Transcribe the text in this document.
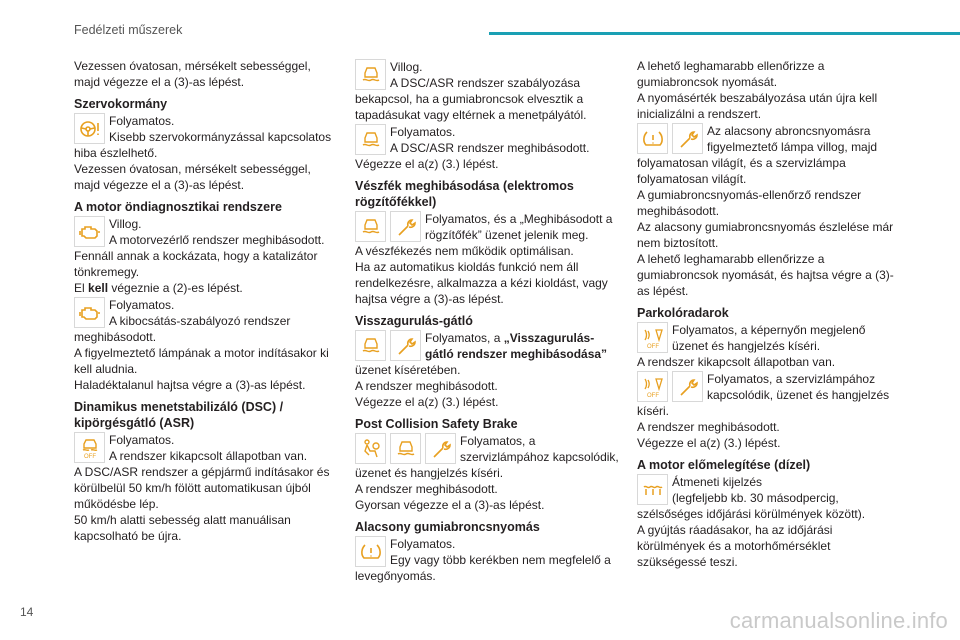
Fedélzeti műszerek

Vezessen óvatosan, mérsékelt sebességgel, majd végezze el a (3)-as lépést.

Szervokormány

Folyamatos.

Kisebb szervokormányzással kapcsolatos hiba észlelhető.

Vezessen óvatosan, mérsékelt sebességgel, majd végezze el a (3)-as lépést.

A motor öndiagnosztikai rendszere

Villog.

A motorvezérlő rendszer meghibásodott.

Fennáll annak a kockázata, hogy a katalizátor tönkremegy.

El kell végeznie a (2)-es lépést.

Folyamatos.

A kibocsátás-szabályozó rendszer meghibásodott.

A figyelmeztető lámpának a motor indításakor ki kell aludnia.

Haladéktalanul hajtsa végre a (3)-as lépést.

Dinamikus menetstabilizáló (DSC) / kipörgésgátló (ASR)
OFF

Folyamatos.

A rendszer kikapcsolt állapotban van.

A DSC/ASR rendszer a gépjármű indításakor és körülbelül 50 km/h fölött automatikusan újból működésbe lép.

50 km/h alatti sebesség alatt manuálisan kapcsolható be újra.

Villog.

A DSC/ASR rendszer szabályozása bekapcsol, ha a gumiabroncsok elvesztik a tapadásukat vagy eltérnek a menetpályától.

Folyamatos.

A DSC/ASR rendszer meghibásodott.

Végezze el a(z) (3.) lépést.

Vészfék meghibásodása (elektromos rögzítőfékkel)

Folyamatos, és a „Meghibásodott a rögzítőfék” üzenet jelenik meg.

A vészfékezés nem működik optimálisan.

Ha az automatikus kioldás funkció nem áll rendelkezésre, alkalmazza a kézi kioldást, vagy hajtsa végre a (3)-as lépést.

Visszagurulás-gátló

Folyamatos, a „Visszagurulás-gátló rendszer meghibásodása” üzenet kíséretében.

A rendszer meghibásodott.

Végezze el a(z) (3.) lépést.

Post Collision Safety Brake

Folyamatos, a szervizlámpához kapcsolódik, üzenet és hangjelzés kíséri.

A rendszer meghibásodott.

Gyorsan végezze el a (3)-as lépést.

Alacsony gumiabroncsnyomás

Folyamatos.

Egy vagy több kerékben nem megfelelő a levegőnyomás.

A lehető leghamarabb ellenőrizze a gumiabroncsok nyomását.

A nyomásérték beszabályozása után újra kell inicializálni a rendszert.

Az alacsony abroncsnyomásra figyelmeztető lámpa villog, majd folyamatosan világít, és a szervizlámpa folyamatosan világít.

A gumiabroncsnyomás-ellenőrző rendszer meghibásodott.

Az alacsony gumiabroncsnyomás észlelése már nem biztosított.

A lehető leghamarabb ellenőrizze a gumiabroncsok nyomását, és hajtsa végre a (3)-as lépést.

Parkolóradarok
OFF

Folyamatos, a képernyőn megjelenő üzenet és hangjelzés kíséri.

A rendszer kikapcsolt állapotban van.

OFF

Folyamatos, a szervizlámpához kapcsolódik, üzenet és hangjelzés kíséri.

A rendszer meghibásodott.

Végezze el a(z) (3.) lépést.

A motor előmelegítése (dízel)

Átmeneti kijelzés

(legfeljebb kb. 30 másodpercig, szélsőséges időjárási körülmények között).

A gyújtás ráadásakor, ha az időjárási körülmények és a motorhőmérséklet szükségessé teszi.

14	carmanualsonline.info
